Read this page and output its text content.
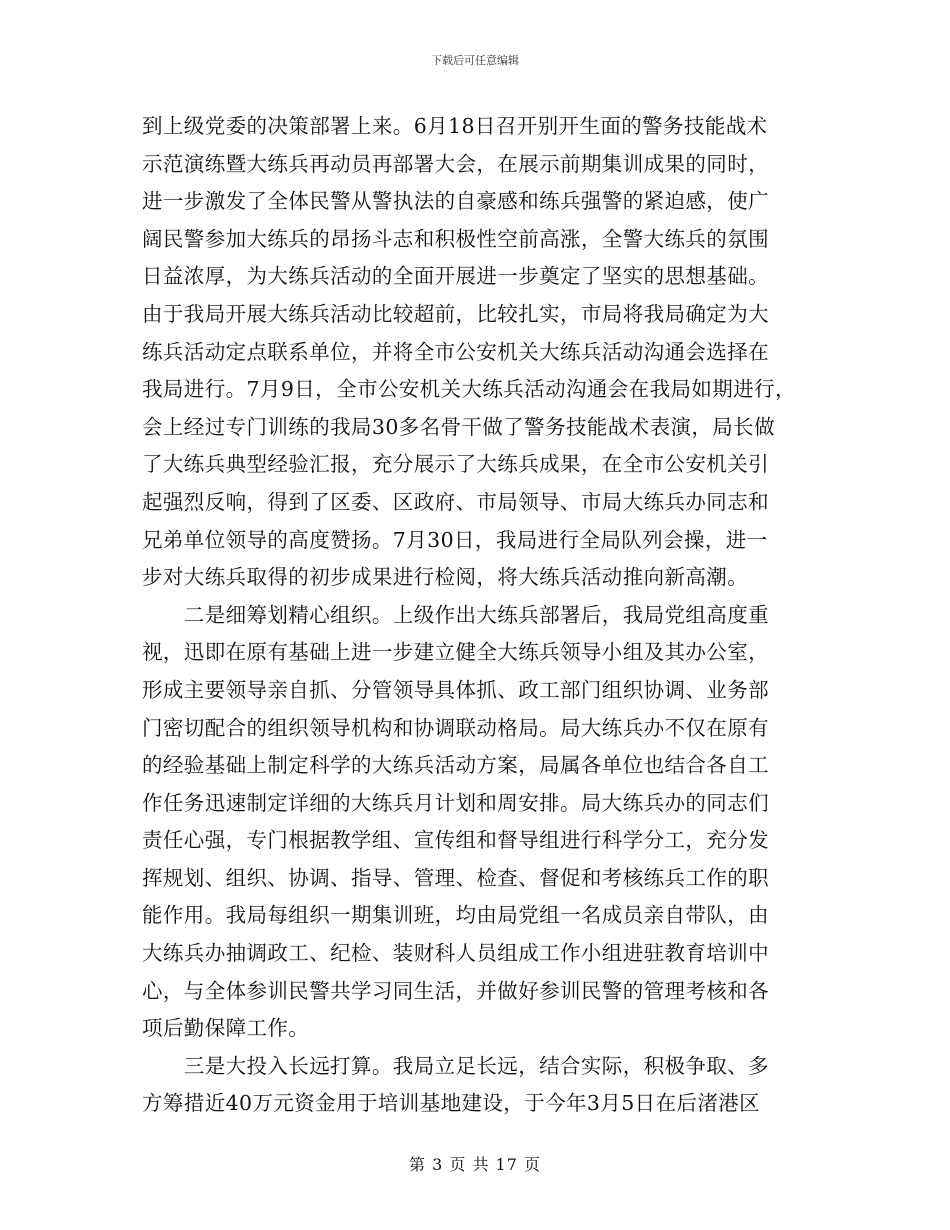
下载后可任意编辑
到上级党委的决策部署上来。6月18日召开别开生面的警务技能战术
示范演练暨大练兵再动员再部署大会，在展示前期集训成果的同时，
进一步激发了全体民警从警执法的自豪感和练兵强警的紧迫感，使广
阔民警参加大练兵的昂扬斗志和积极性空前高涨，全警大练兵的氛围
日益浓厚，为大练兵活动的全面开展进一步奠定了坚实的思想基础。
由于我局开展大练兵活动比较超前，比较扎实，市局将我局确定为大
练兵活动定点联系单位，并将全市公安机关大练兵活动沟通会选择在
我局进行。7月9日，全市公安机关大练兵活动沟通会在我局如期进行，
会上经过专门训练的我局30多名骨干做了警务技能战术表演，局长做
了大练兵典型经验汇报，充分展示了大练兵成果，在全市公安机关引
起强烈反响，得到了区委、区政府、市局领导、市局大练兵办同志和
兄弟单位领导的高度赞扬。7月30日，我局进行全局队列会操，进一
步对大练兵取得的初步成果进行检阅，将大练兵活动推向新高潮。
　　二是细筹划精心组织。上级作出大练兵部署后，我局党组高度重
视，迅即在原有基础上进一步建立健全大练兵领导小组及其办公室，
形成主要领导亲自抓、分管领导具体抓、政工部门组织协调、业务部
门密切配合的组织领导机构和协调联动格局。局大练兵办不仅在原有
的经验基础上制定科学的大练兵活动方案，局属各单位也结合各自工
作任务迅速制定详细的大练兵月计划和周安排。局大练兵办的同志们
责任心强，专门根据教学组、宣传组和督导组进行科学分工，充分发
挥规划、组织、协调、指导、管理、检查、督促和考核练兵工作的职
能作用。我局每组织一期集训班，均由局党组一名成员亲自带队，由
大练兵办抽调政工、纪检、装财科人员组成工作小组进驻教育培训中
心，与全体参训民警共学习同生活，并做好参训民警的管理考核和各
项后勤保障工作。
　　三是大投入长远打算。我局立足长远，结合实际，积极争取、多
方筹措近40万元资金用于培训基地建设，于今年3月5日在后渚港区
第 3 页 共 17 页
